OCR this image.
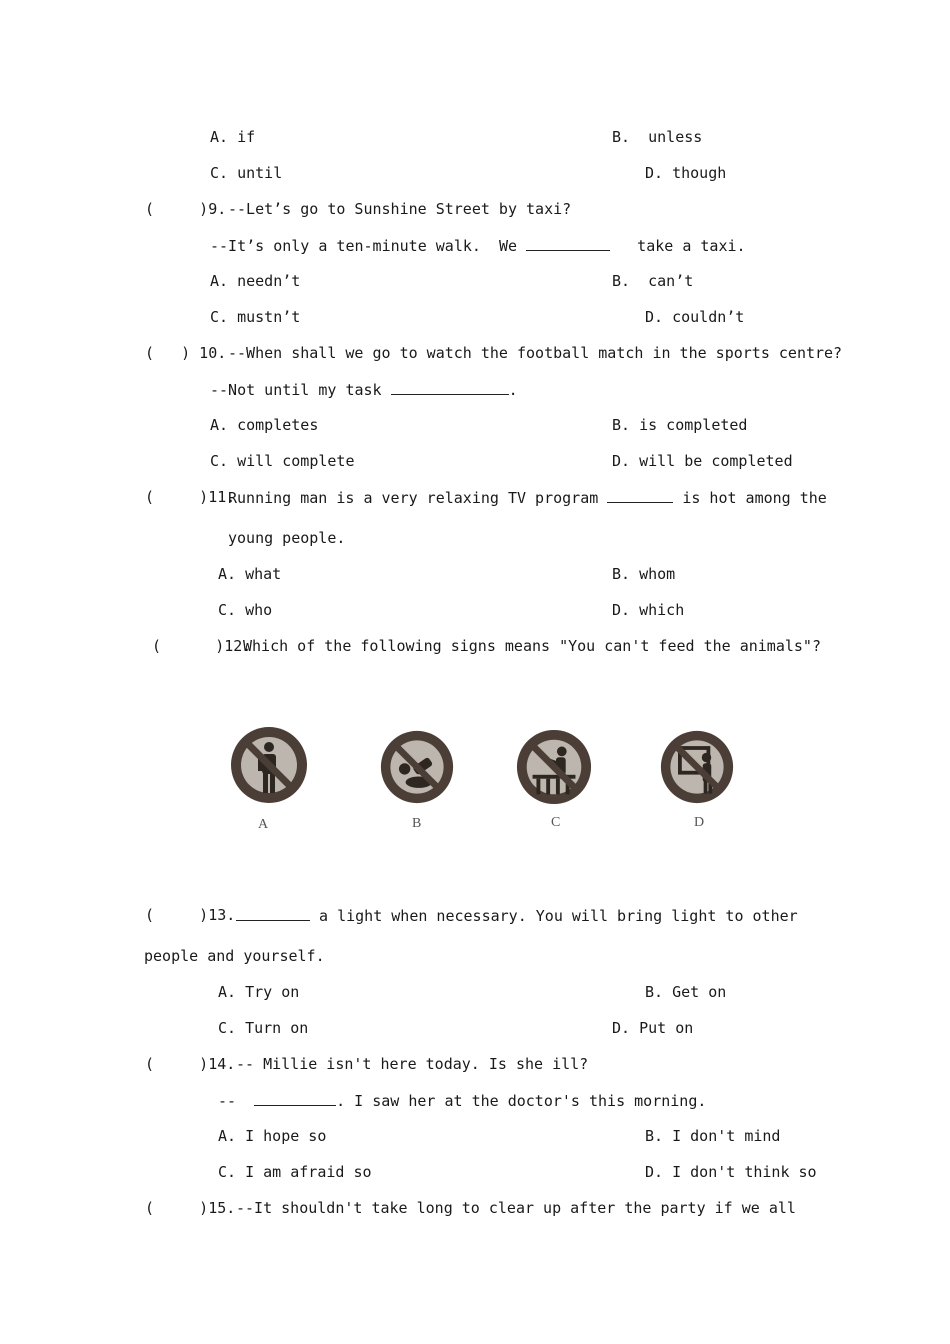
A. if	B.  unless
C. until	D. though
(     )9. --Let’s go to Sunshine Street by taxi?
--It’s only a ten-minute walk.  We	take a taxi.
A. needn’t	B.  can’t
C. mustn’t	D. couldn’t
(   ) 10. --When shall we go to watch the football match in the sports centre?
--Not until my task	.
A. completes	B. is completed
C. will complete	D. will be completed
(     )11.
Running man is a very relaxing TV program	is hot among the
young people.
A. what	B. whom
C. who	D. which
(      )12.
Which of the following signs means "You can't feed the animals"?
A	B	C	D
(     )13.	a light when necessary. You will bring light to other
people and yourself.
A. Try on	B. Get on
C. Turn on	D. Put on
(     )14. -- Millie isn't here today. Is she ill?
--	. I saw her at the doctor's this morning.
A. I hope so	B. I don't mind
C. I am afraid so	D. I don't think so
(     )15. --It shouldn't take long to clear up after the party if we all
